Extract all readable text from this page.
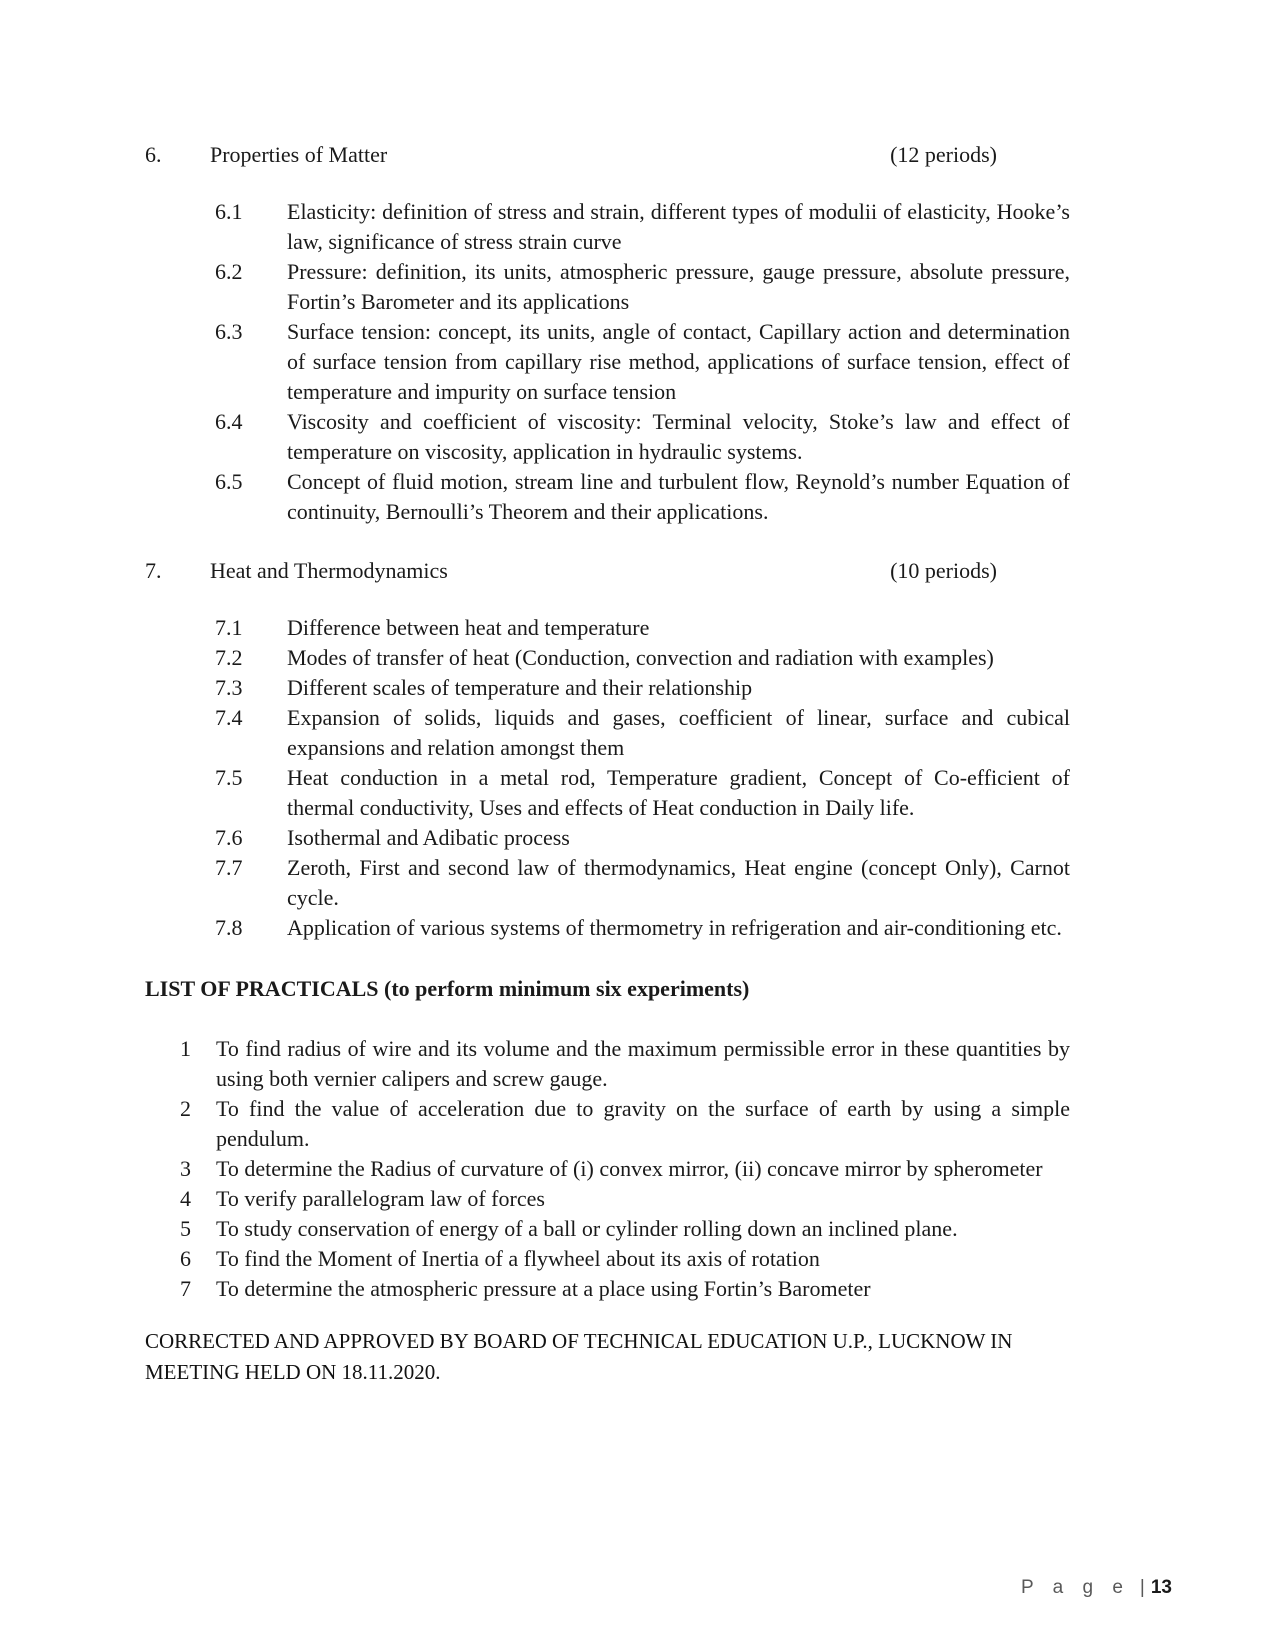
6.	Properties of Matter	(12 periods)
6.1	Elasticity: definition of stress and strain, different types of modulii of elasticity, Hooke’s law, significance of stress strain curve
6.2	Pressure: definition, its units, atmospheric pressure, gauge pressure, absolute pressure, Fortin’s Barometer and its applications
6.3	Surface tension: concept, its units, angle of contact, Capillary action and determination of surface tension from capillary rise method, applications of surface tension, effect of temperature and impurity on surface tension
6.4	Viscosity and coefficient of viscosity: Terminal velocity, Stoke’s law and effect of temperature on viscosity, application in hydraulic systems.
6.5	Concept of fluid motion, stream line and turbulent flow, Reynold’s number Equation of continuity, Bernoulli’s Theorem and their applications.
7.	Heat and Thermodynamics	(10 periods)
7.1	Difference between heat and temperature
7.2	Modes of transfer of heat (Conduction, convection and radiation with examples)
7.3	Different scales of temperature and their relationship
7.4	Expansion of solids, liquids and gases, coefficient of linear, surface and cubical expansions and relation amongst them
7.5	Heat conduction in a metal rod, Temperature gradient, Concept of Co-efficient of thermal conductivity, Uses and effects of Heat conduction in Daily life.
7.6	Isothermal and Adibatic process
7.7	Zeroth, First and second law of thermodynamics, Heat engine (concept Only), Carnot cycle.
7.8	Application of various systems of thermometry in refrigeration and air-conditioning etc.
LIST OF PRACTICALS (to perform minimum six experiments)
1	To find radius of wire and its volume and the maximum permissible error in these quantities by using both vernier calipers and screw gauge.
2	To find the value of acceleration due to gravity on the surface of earth by using a simple pendulum.
3	To determine the Radius of curvature of (i) convex mirror, (ii) concave mirror by spherometer
4	To verify parallelogram law of forces
5	To study conservation of energy of a ball or cylinder rolling down an inclined plane.
6	To find the Moment of Inertia of a flywheel about its axis of rotation
7	To determine the atmospheric pressure at a place using Fortin’s Barometer

CORRECTED AND APPROVED BY BOARD OF TECHNICAL EDUCATION U.P., LUCKNOW IN MEETING HELD ON 18.11.2020.

P a g e | 13
